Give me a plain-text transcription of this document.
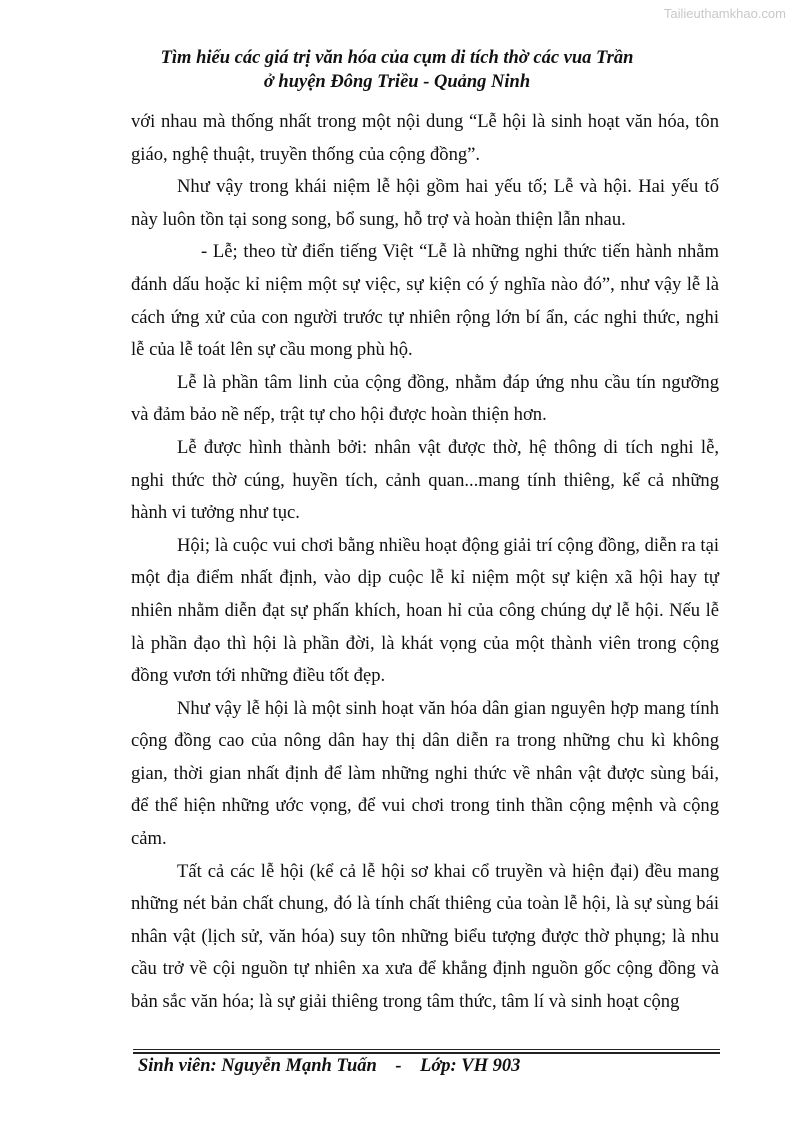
Tailieuthamkhao.com
Tìm hiểu các giá trị văn hóa của cụm di tích thờ các vua Trần
ở huyện Đông Triều - Quảng Ninh

với nhau mà thống nhất trong một nội dung “Lễ hội là sinh hoạt văn hóa, tôn giáo, nghệ thuật, truyền thống của cộng đồng”.

Như vậy trong khái niệm lễ hội gồm hai yếu tố; Lễ và hội. Hai yếu tố này luôn tồn tại song song, bổ sung, hỗ trợ và hoàn thiện lẫn nhau.

- Lễ; theo từ điển tiếng Việt “Lễ là những nghi thức tiến hành nhằm đánh dấu hoặc kỉ niệm một sự việc, sự kiện có ý nghĩa nào đó”, như vậy lễ là cách ứng xử của con người trước tự nhiên rộng lớn bí ẩn, các nghi thức, nghi lễ của lễ toát lên sự cầu mong phù hộ.

Lễ là phần tâm linh của cộng đồng, nhằm đáp ứng nhu cầu tín ngưỡng và đảm bảo nề nếp, trật tự cho hội được hoàn thiện hơn.

Lễ được hình thành bởi: nhân vật được thờ, hệ thông di tích nghi lễ, nghi thức thờ cúng, huyền tích, cảnh quan...mang tính thiêng, kể cả những hành vi tưởng như tục.

Hội; là cuộc vui chơi bằng nhiều hoạt động giải trí cộng đồng, diễn ra tại một địa điểm nhất định, vào dịp cuộc lễ kỉ niệm một sự kiện xã hội hay tự nhiên nhằm diễn đạt sự phấn khích, hoan hỉ của công chúng dự lễ hội. Nếu lễ là phần đạo thì hội là phần đời, là khát vọng của một thành viên trong cộng đồng vươn tới những điều tốt đẹp.

Như vậy lễ hội là một sinh hoạt văn hóa dân gian nguyên hợp mang tính cộng đồng cao của nông dân hay thị dân diễn ra trong những chu kì không gian, thời gian nhất định để làm những nghi thức về nhân vật được sùng bái, để thể hiện những ước vọng, để vui chơi trong tinh thần cộng mệnh và cộng cảm.

Tất cả các lễ hội (kể cả lễ hội sơ khai cổ truyền và hiện đại) đều mang những nét bản chất chung, đó là tính chất thiêng của toàn lễ hội, là sự sùng bái nhân vật (lịch sử, văn hóa) suy tôn những biểu tượng được thờ phụng; là nhu cầu trở về cội nguồn tự nhiên xa xưa để khẳng định nguồn gốc cộng đồng và bản sắc văn hóa; là sự giải thiêng trong tâm thức, tâm lí và sinh hoạt cộng

Sinh viên: Nguyễn Mạnh Tuấn - Lớp: VH 903
